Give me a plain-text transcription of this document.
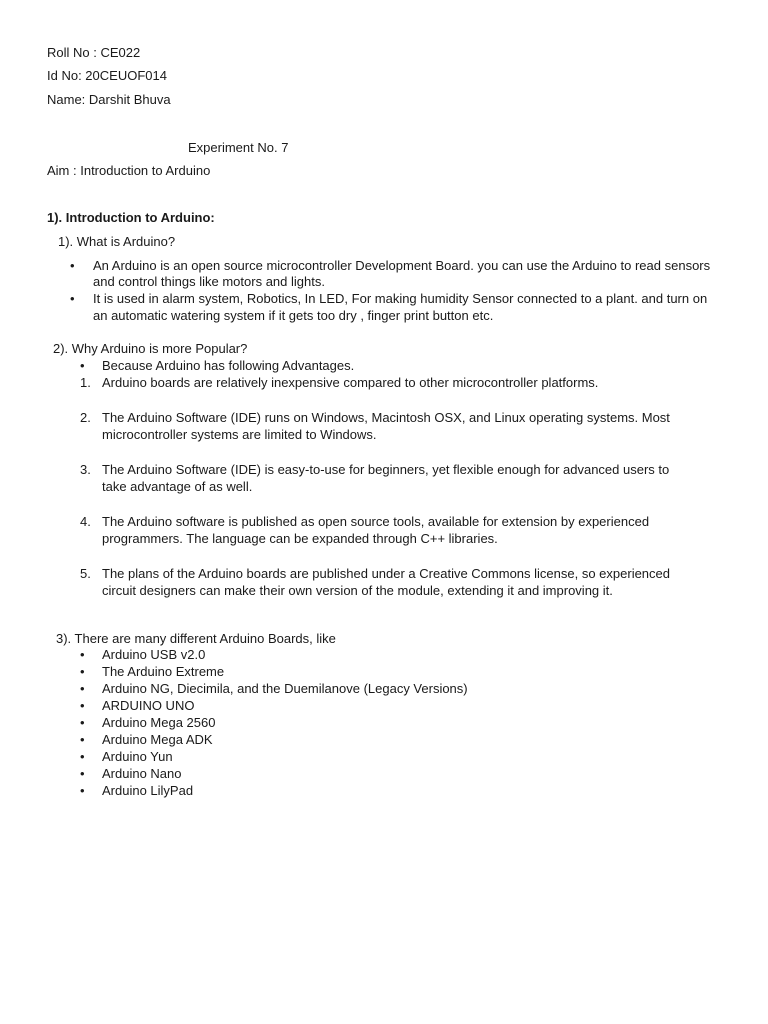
Roll No : CE022
Id No: 20CEUOF014
Name: Darshit Bhuva
Experiment No. 7
Aim : Introduction to Arduino
1). Introduction to Arduino:
1). What is Arduino?
• An Arduino is an open source microcontroller Development Board. you can use the Arduino to read sensors
and control things like motors and lights.
• It is used in alarm system, Robotics, In LED, For making humidity Sensor connected to a plant. and turn on
an automatic watering system if it gets too dry , finger print button etc.
2). Why Arduino is more Popular?
• Because Arduino has following Advantages.
1. Arduino boards are relatively inexpensive compared to other microcontroller platforms.
2. The Arduino Software (IDE) runs on Windows, Macintosh OSX, and Linux operating systems. Most
microcontroller systems are limited to Windows.
3. The Arduino Software (IDE) is easy-to-use for beginners, yet flexible enough for advanced users to
take advantage of as well.
4. The Arduino software is published as open source tools, available for extension by experienced
programmers. The language can be expanded through C++ libraries.
5. The plans of the Arduino boards are published under a Creative Commons license, so experienced
circuit designers can make their own version of the module, extending it and improving it.
3). There are many different Arduino Boards, like
• Arduino USB v2.0
• The Arduino Extreme
• Arduino NG, Diecimila, and the Duemilanove (Legacy Versions)
• ARDUINO UNO
• Arduino Mega 2560
• Arduino Mega ADK
• Arduino Yun
• Arduino Nano
• Arduino LilyPad
